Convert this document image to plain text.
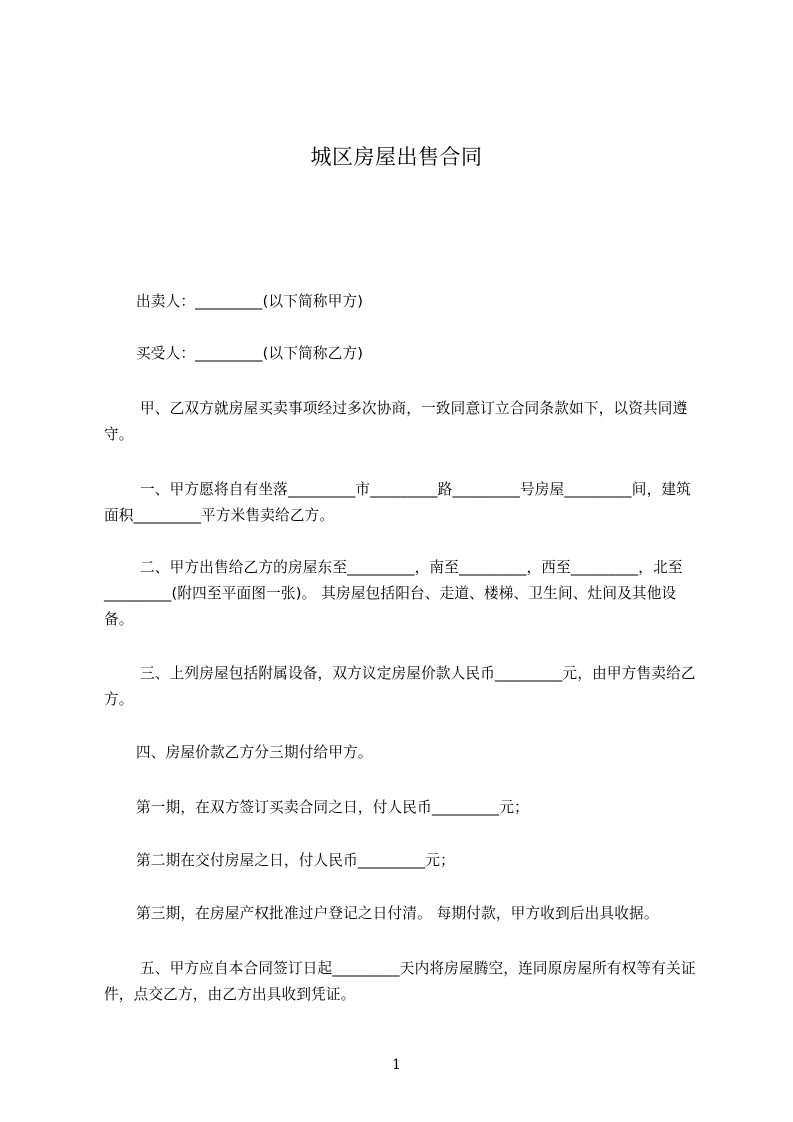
城区房屋出售合同

出卖人：_________(以下简称甲方)

买受人：_________(以下简称乙方)

甲、乙双方就房屋买卖事项经过多次协商，一致同意订立合同条款如下，以资共同遵守。

一、甲方愿将自有坐落_________市_________路_________号房屋_________间，建筑面积_________平方米售卖给乙方。

二、甲方出售给乙方的房屋东至_________，南至_________，西至_________，北至_________(附四至平面图一张)。 其房屋包括阳台、走道、楼梯、卫生间、灶间及其他设备。

三、上列房屋包括附属设备，双方议定房屋价款人民币_________元，由甲方售卖给乙方。

四、房屋价款乙方分三期付给甲方。

第一期，在双方签订买卖合同之日，付人民币_________元；

第二期在交付房屋之日，付人民币_________元；

第三期，在房屋产权批准过户登记之日付清。 每期付款，甲方收到后出具收据。

五、甲方应自本合同签订日起_________天内将房屋腾空，连同原房屋所有权等有关证件，点交乙方，由乙方出具收到凭证。

1
